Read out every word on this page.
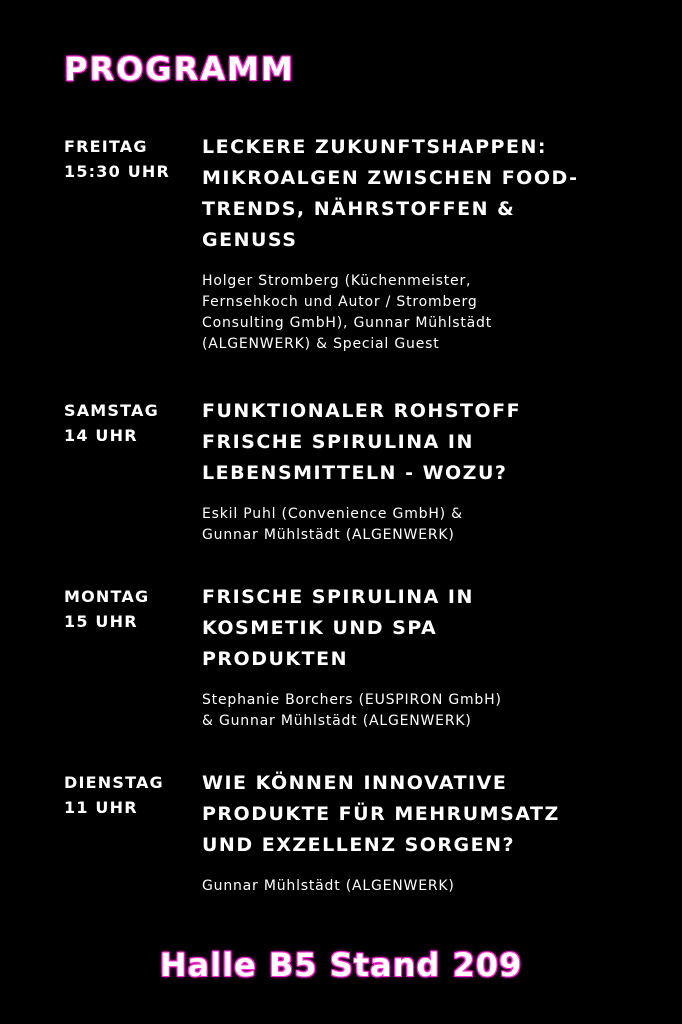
PROGRAMM
FREITAG
15:30 UHR
LECKERE ZUKUNFTSHAPPEN:
MIKROALGEN ZWISCHEN FOOD-
TRENDS, NÄHRSTOFFEN &
GENUSS
Holger Stromberg (Küchenmeister,
Fernsehkoch und Autor / Stromberg
Consulting GmbH), Gunnar Mühlstädt
(ALGENWERK) & Special Guest
SAMSTAG
14 UHR
FUNKTIONALER ROHSTOFF
FRISCHE SPIRULINA IN
LEBENSMITTELN - WOZU?
Eskil Puhl (Convenience GmbH) &
Gunnar Mühlstädt (ALGENWERK)
MONTAG
15 UHR
FRISCHE SPIRULINA IN
KOSMETIK UND SPA
PRODUKTEN
Stephanie Borchers (EUSPIRON GmbH)
& Gunnar Mühlstädt (ALGENWERK)
DIENSTAG
11 UHR
WIE KÖNNEN INNOVATIVE
PRODUKTE FÜR MEHRUMSATZ
UND EXZELLENZ SORGEN?
Gunnar Mühlstädt (ALGENWERK)
Halle B5 Stand 209
